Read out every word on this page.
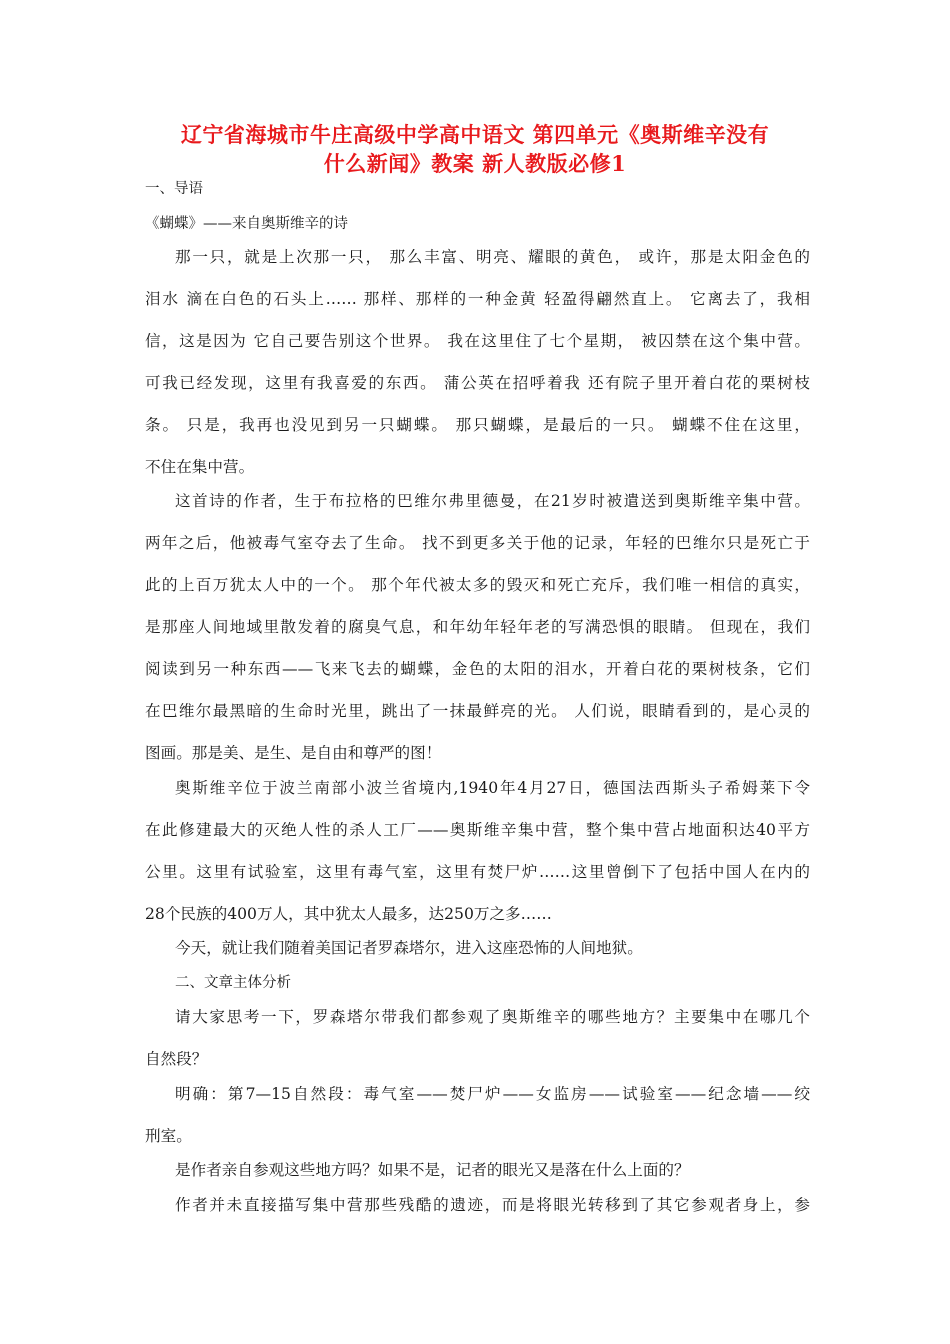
辽宁省海城市牛庄高级中学高中语文 第四单元《奥斯维辛没有
什么新闻》教案 新人教版必修1
一、导语
《蝴蝶》——来自奥斯维辛的诗
那一只，就是上次那一只， 那么丰富、明亮、耀眼的黄色， 或许，那是太阳金色的
泪水 滴在白色的石头上…… 那样、那样的一种金黄 轻盈得翩然直上。 它离去了，我相
信，这是因为 它自己要告别这个世界。 我在这里住了七个星期， 被囚禁在这个集中营。
可我已经发现，这里有我喜爱的东西。 蒲公英在招呼着我 还有院子里开着白花的栗树枝
条。 只是，我再也没见到另一只蝴蝶。 那只蝴蝶，是最后的一只。 蝴蝶不住在这里，
不住在集中营。
这首诗的作者，生于布拉格的巴维尔弗里德曼，在21岁时被遣送到奥斯维辛集中营。
两年之后，他被毒气室夺去了生命。 找不到更多关于他的记录，年轻的巴维尔只是死亡于
此的上百万犹太人中的一个。 那个年代被太多的毁灭和死亡充斥，我们唯一相信的真实，
是那座人间地域里散发着的腐臭气息，和年幼年轻年老的写满恐惧的眼睛。 但现在，我们
阅读到另一种东西——飞来飞去的蝴蝶，金色的太阳的泪水，开着白花的栗树枝条，它们
在巴维尔最黑暗的生命时光里，跳出了一抹最鲜亮的光。 人们说，眼睛看到的，是心灵的
图画。那是美、是生、是自由和尊严的图！
奥斯维辛位于波兰南部小波兰省境内,1940年4月27日，德国法西斯头子希姆莱下令
在此修建最大的灭绝人性的杀人工厂——奥斯维辛集中营，整个集中营占地面积达40平方
公里。这里有试验室，这里有毒气室，这里有焚尸炉……这里曾倒下了包括中国人在内的
28个民族的400万人，其中犹太人最多，达250万之多……
今天，就让我们随着美国记者罗森塔尔，进入这座恐怖的人间地狱。
二、文章主体分析
请大家思考一下，罗森塔尔带我们都参观了奥斯维辛的哪些地方？主要集中在哪几个
自然段？
明确：第7—15自然段：毒气室——焚尸炉——女监房——试验室——纪念墙——绞
刑室。
是作者亲自参观这些地方吗？如果不是，记者的眼光又是落在什么上面的？
作者并未直接描写集中营那些残酷的遗迹，而是将眼光转移到了其它参观者身上，参
